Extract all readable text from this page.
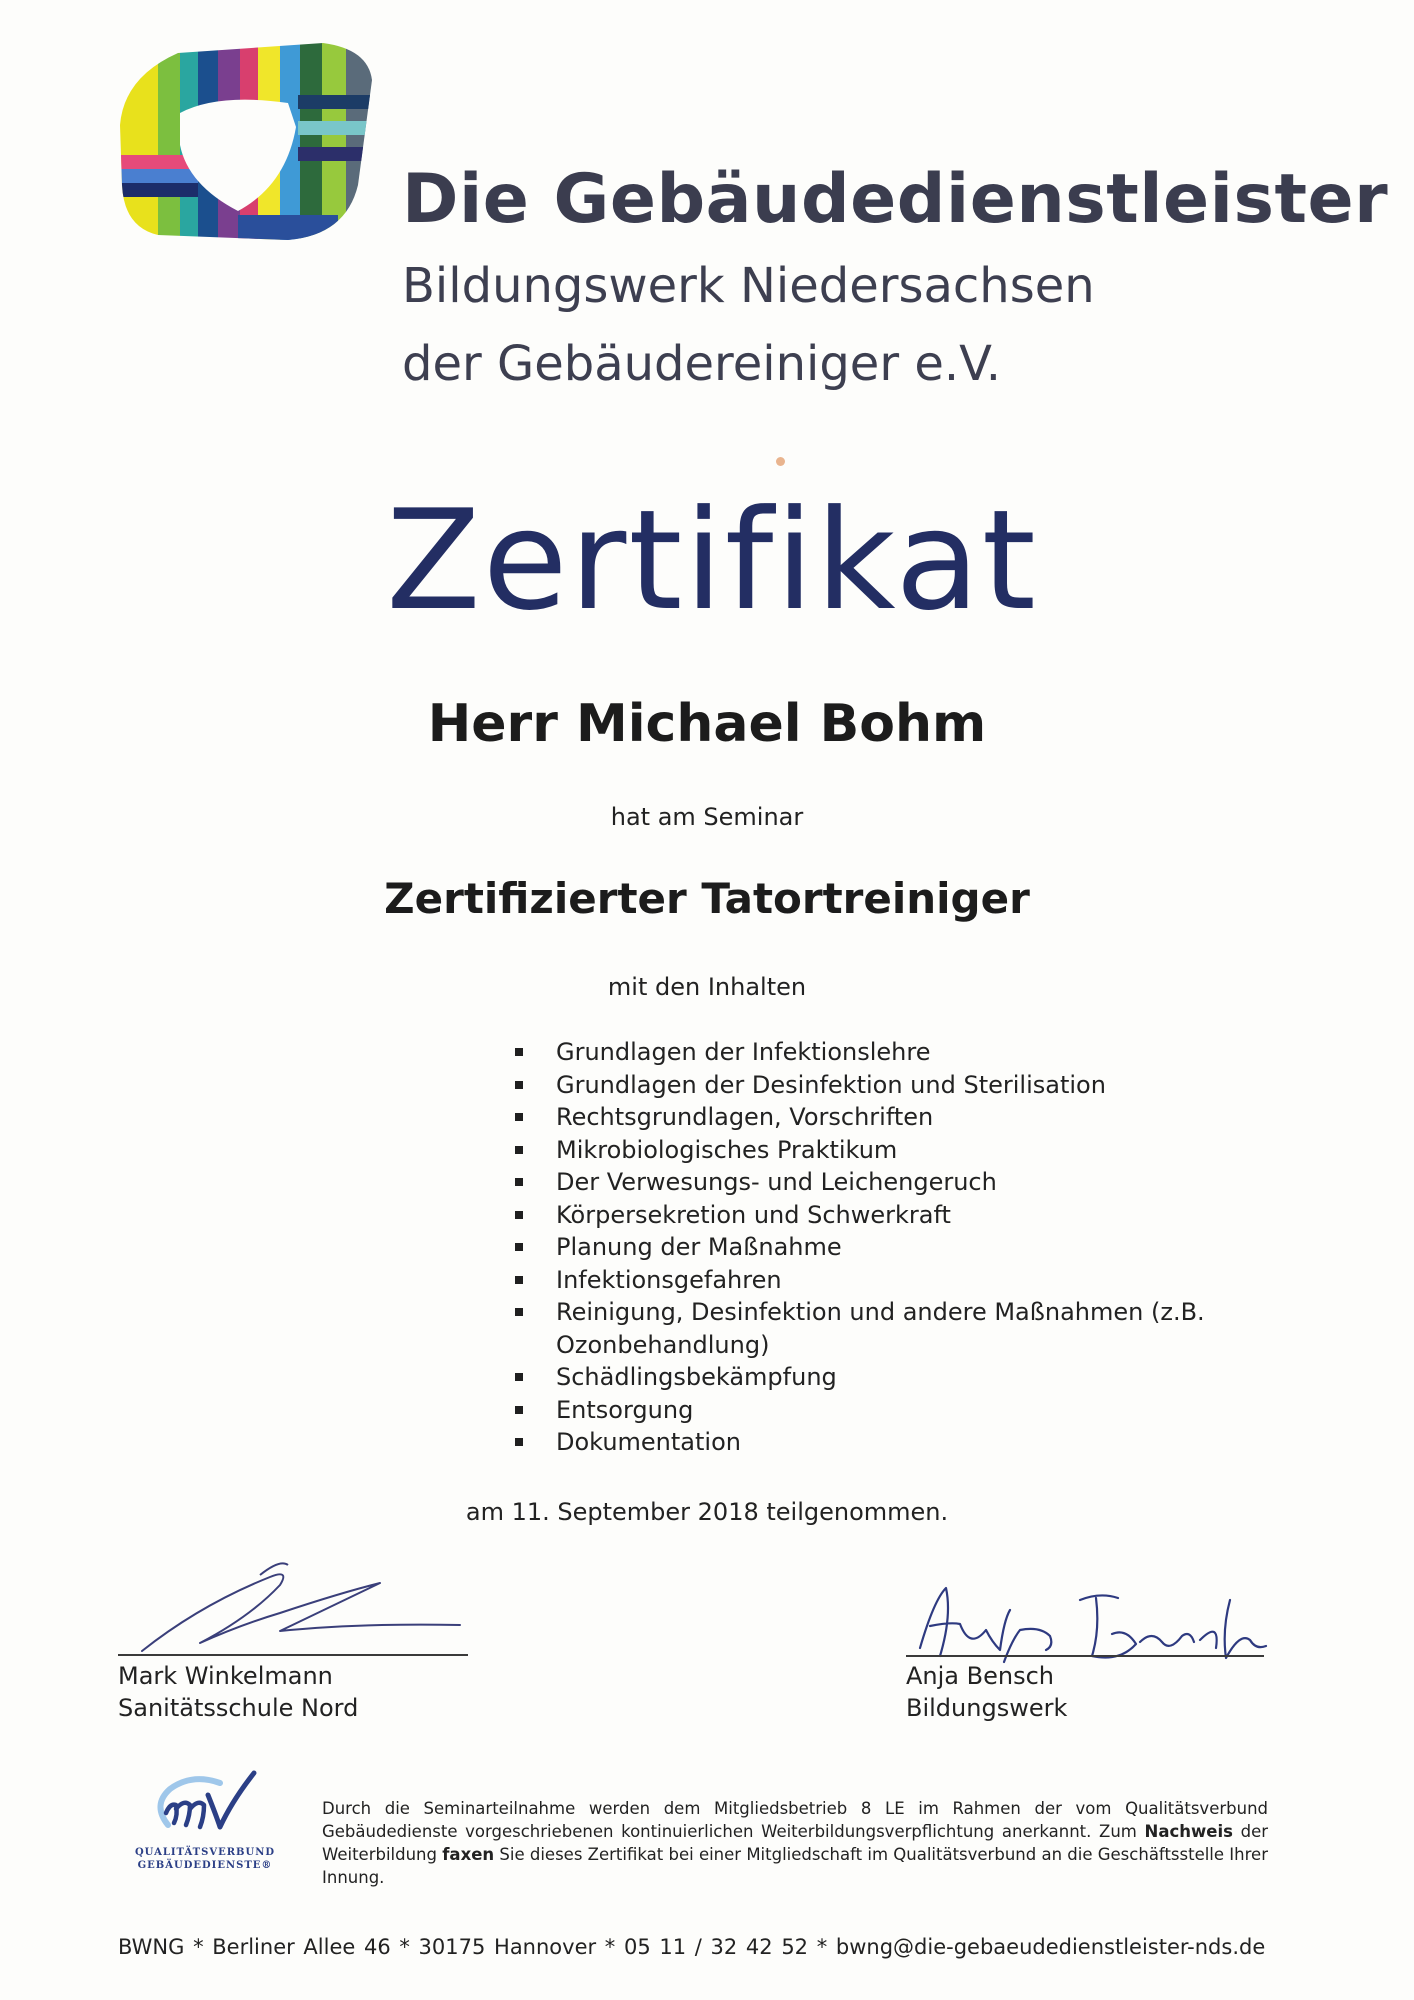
Die Gebäudedienstleister
Bildungswerk Niedersachsen
der Gebäudereiniger e.V.
Zertifikat
Herr Michael Bohm
hat am Seminar
Zertifizierter Tatortreiniger
mit den Inhalten
Grundlagen der Infektionslehre
Grundlagen der Desinfektion und Sterilisation
Rechtsgrundlagen, Vorschriften
Mikrobiologisches Praktikum
Der Verwesungs- und Leichengeruch
Körpersekretion und Schwerkraft
Planung der Maßnahme
Infektionsgefahren
Reinigung, Desinfektion und andere Maßnahmen (z.B. Ozonbehandlung)
Schädlingsbekämpfung
Entsorgung
Dokumentation
am 11. September 2018 teilgenommen.
Mark Winkelmann
Sanitätsschule Nord
Anja Bensch
Bildungswerk
QUALITÄTSVERBUND
GEBÄUDEDIENSTE®
Durch die Seminarteilnahme werden dem Mitgliedsbetrieb 8 LE im Rahmen der vom Qualitätsverbund Gebäudedienste vorgeschriebenen kontinuierlichen Weiterbildungsverpflichtung anerkannt. Zum Nachweis der Weiterbildung faxen Sie dieses Zertifikat bei einer Mitgliedschaft im Qualitätsverbund an die Geschäftsstelle Ihrer Innung.
BWNG * Berliner Allee 46 * 30175 Hannover * 05 11 / 32 42 52 * bwng@die-gebaeudedienstleister-nds.de
